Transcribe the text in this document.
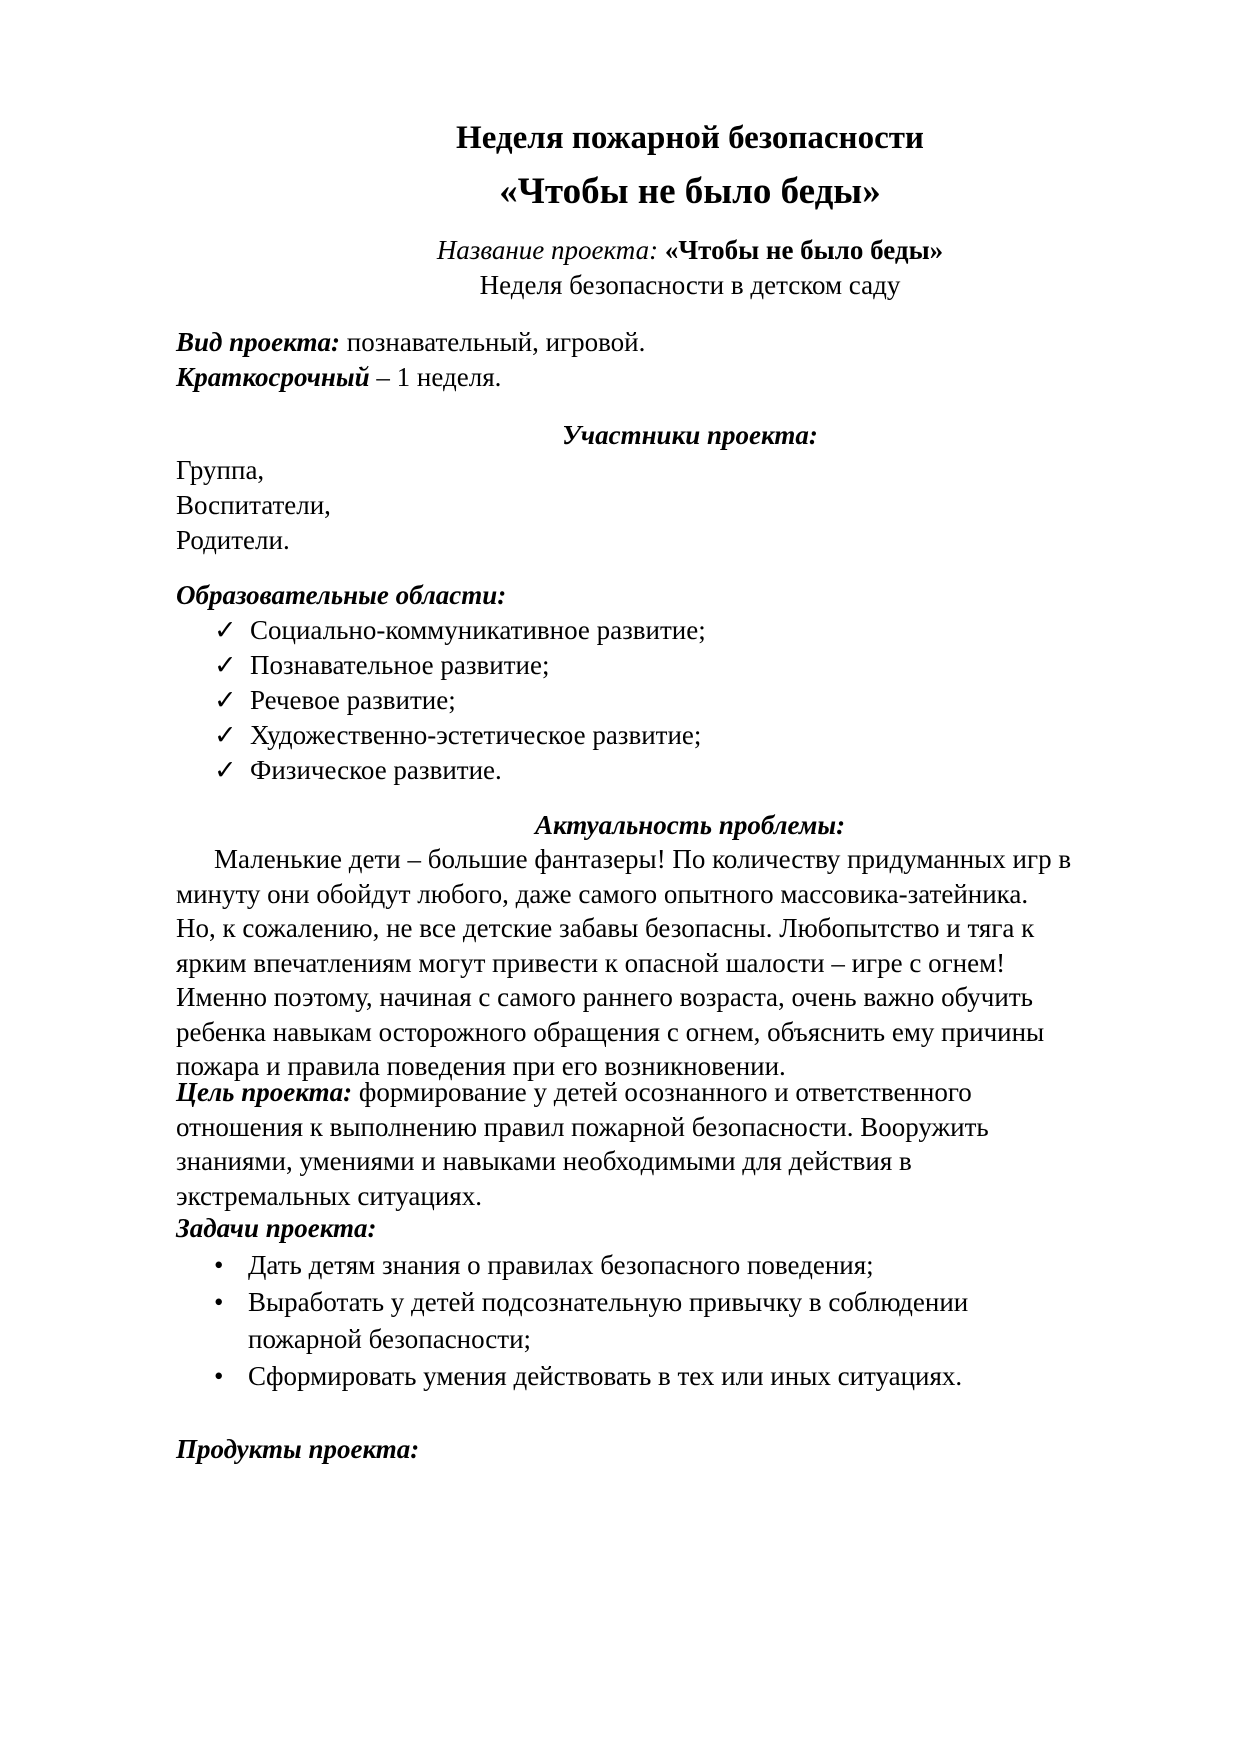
Неделя пожарной безопасности
«Чтобы не было беды»
Название проекта: «Чтобы не было беды»
Неделя безопасности в детском саду
Вид проекта: познавательный, игровой.
Краткосрочный – 1 неделя.
Участники проекта:
Группа,
Воспитатели,
Родители.
Образовательные области:
✓ Социально-коммуникативное развитие;
✓ Познавательное развитие;
✓ Речевое развитие;
✓ Художественно-эстетическое развитие;
✓ Физическое развитие.
Актуальность проблемы:
Маленькие дети – большие фантазеры! По количеству придуманных игр в
минуту они обойдут любого, даже самого опытного массовика-затейника.
Но, к сожалению, не все детские забавы безопасны. Любопытство и тяга к
ярким впечатлениям могут привести к опасной шалости – игре с огнем!
Именно поэтому, начиная с самого раннего возраста, очень важно обучить
ребенка навыкам осторожного обращения с огнем, объяснить ему причины
пожара и правила поведения при его возникновении.
Цель проекта: формирование у детей осознанного и ответственного
отношения к выполнению правил пожарной безопасности. Вооружить
знаниями, умениями и навыками необходимыми для действия в
экстремальных ситуациях.
Задачи проекта:
• Дать детям знания о правилах безопасного поведения;
• Выработать у детей подсознательную привычку в соблюдении
пожарной безопасности;
• Сформировать умения действовать в тех или иных ситуациях.
Продукты проекта:
